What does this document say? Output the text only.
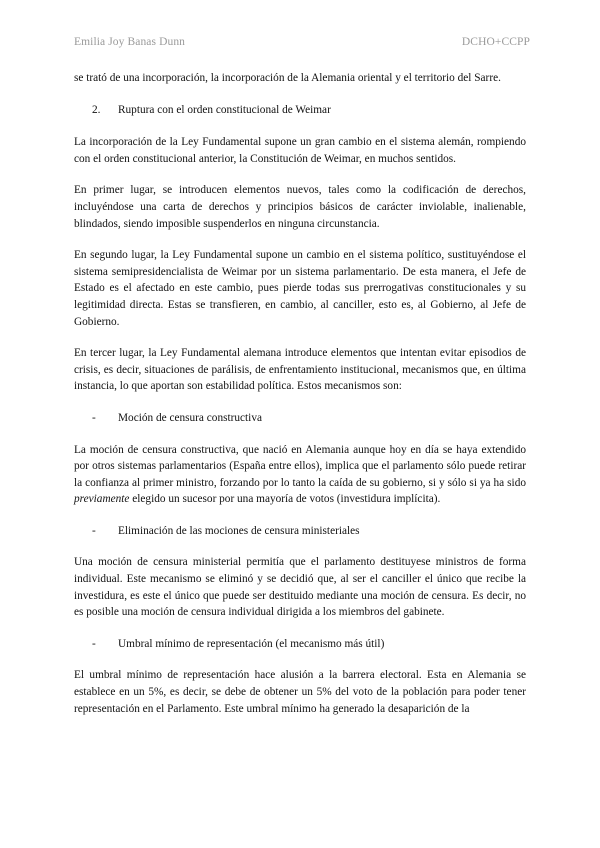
Emilia Joy Banas Dunn	DCHO+CCPP

se trató de una incorporación, la incorporación de la Alemania oriental y el territorio del Sarre.

2. Ruptura con el orden constitucional de Weimar

La incorporación de la Ley Fundamental supone un gran cambio en el sistema alemán, rompiendo con el orden constitucional anterior, la Constitución de Weimar, en muchos sentidos.

En primer lugar, se introducen elementos nuevos, tales como la codificación de derechos, incluyéndose una carta de derechos y principios básicos de carácter inviolable, inalienable, blindados, siendo imposible suspenderlos en ninguna circunstancia.

En segundo lugar, la Ley Fundamental supone un cambio en el sistema político, sustituyéndose el sistema semipresidencialista de Weimar por un sistema parlamentario. De esta manera, el Jefe de Estado es el afectado en este cambio, pues pierde todas sus prerrogativas constitucionales y su legitimidad directa. Estas se transfieren, en cambio, al canciller, esto es, al Gobierno, al Jefe de Gobierno.

En tercer lugar, la Ley Fundamental alemana introduce elementos que intentan evitar episodios de crisis, es decir, situaciones de parálisis, de enfrentamiento institucional, mecanismos que, en última instancia, lo que aportan son estabilidad política. Estos mecanismos son:

- Moción de censura constructiva

La moción de censura constructiva, que nació en Alemania aunque hoy en día se haya extendido por otros sistemas parlamentarios (España entre ellos), implica que el parlamento sólo puede retirar la confianza al primer ministro, forzando por lo tanto la caída de su gobierno, si y sólo si ya ha sido previamente elegido un sucesor por una mayoría de votos (investidura implícita).

- Eliminación de las mociones de censura ministeriales

Una moción de censura ministerial permitía que el parlamento destituyese ministros de forma individual. Este mecanismo se eliminó y se decidió que, al ser el canciller el único que recibe la investidura, es este el único que puede ser destituido mediante una moción de censura. Es decir, no es posible una moción de censura individual dirigida a los miembros del gabinete.

- Umbral mínimo de representación (el mecanismo más útil)

El umbral mínimo de representación hace alusión a la barrera electoral. Esta en Alemania se establece en un 5%, es decir, se debe de obtener un 5% del voto de la población para poder tener representación en el Parlamento. Este umbral mínimo ha generado la desaparición de la
